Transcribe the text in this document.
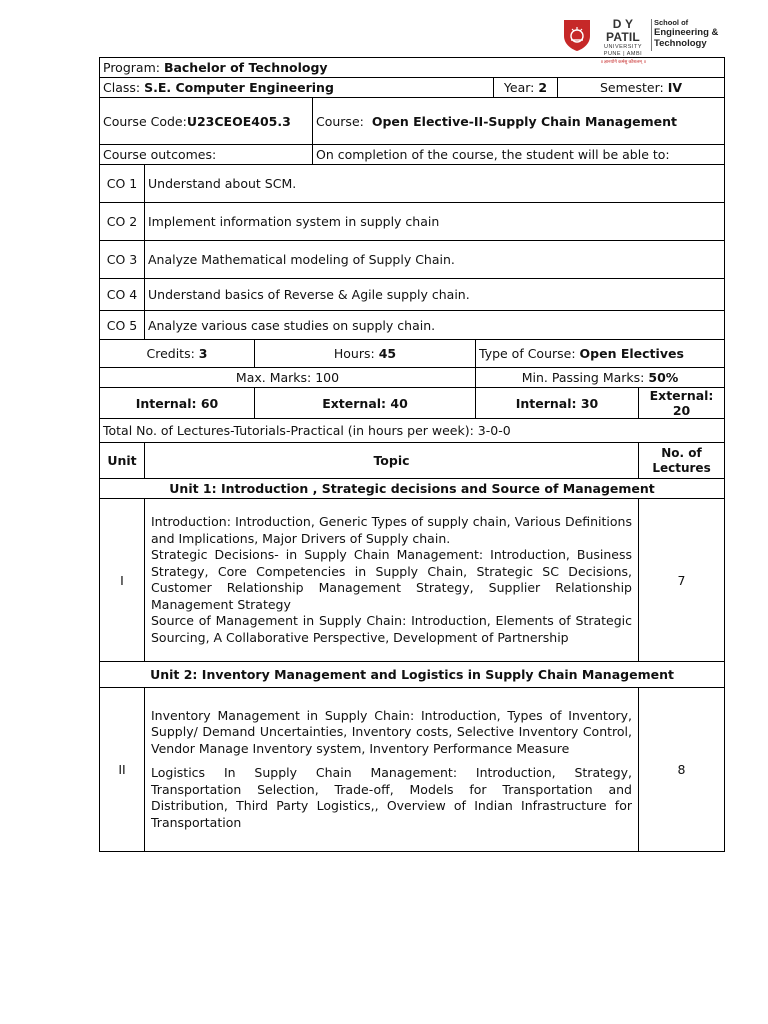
D Y PATIL
UNIVERSITY
PUNE | AMBI
॥ ज्ञानयोगे कर्मसु कौशलम् ॥
School of
Engineering &
Technology
Program: Bachelor of Technology							
Class: S.E. Computer Engineering					Year: 2	Semester: IV	
Course Code:U23CEOE405.3			Course: Open Elective-II-Supply Chain Management				
Course outcomes:			On completion of the course, the student will be able to:				
CO 1	Understand about SCM.						
CO 2	Implement information system in supply chain						
CO 3	Analyze Mathematical modeling of Supply Chain.						
CO 4	Understand basics of Reverse & Agile supply chain.						
CO 5	Analyze various case studies on supply chain.						
Credits: 3		Hours: 45		Type of Course: Open Electives			
Max. Marks: 100				Min. Passing Marks: 50%			
Internal: 60		External: 40		Internal: 30			External: 20
Total No. of Lectures-Tutorials-Practical (in hours per week): 3-0-0							
Unit	Topic						No. of Lectures
Unit 1: Introduction , Strategic decisions and Source of Management							
I	Introduction: Introduction, Generic Types of supply chain, Various Definitions and Implications, Major Drivers of Supply chain.
Strategic Decisions- in Supply Chain Management: Introduction, Business Strategy, Core Competencies in Supply Chain, Strategic SC Decisions, Customer Relationship Management Strategy, Supplier Relationship Management Strategy
Source of Management in Supply Chain: Introduction, Elements of Strategic Sourcing, A Collaborative Perspective, Development of Partnership						7
Unit 2: Inventory Management and Logistics in Supply Chain Management							
II	Inventory Management in Supply Chain: Introduction, Types of Inventory, Supply/ Demand Uncertainties, Inventory costs, Selective Inventory Control, Vendor Manage Inventory system, Inventory Performance Measure
Logistics In Supply Chain Management: Introduction, Strategy, Transportation Selection, Trade-off, Models for Transportation and Distribution, Third Party Logistics,, Overview of Indian Infrastructure for Transportation						8
